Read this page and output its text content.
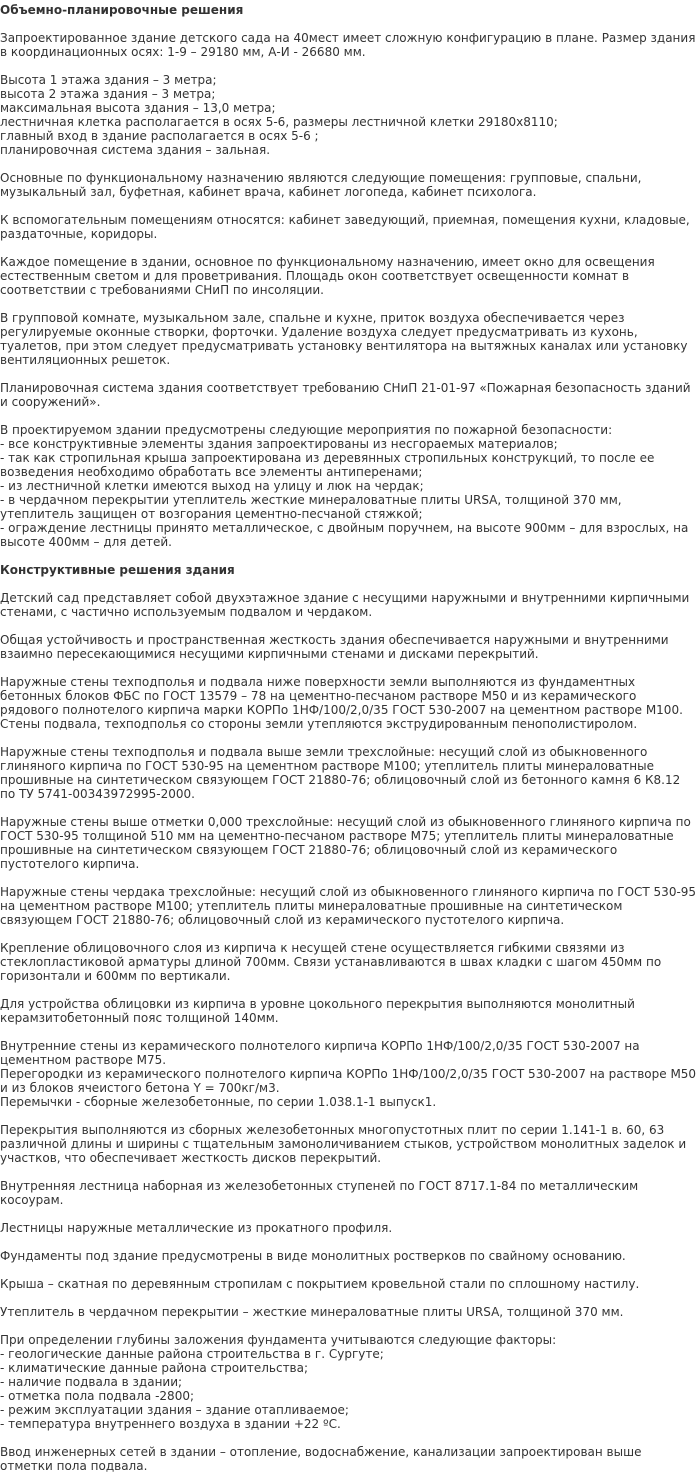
Объемно-планировочные решения
Запроектированное здание детского сада на 40мест имеет сложную конфигурацию в плане. Размер здания в координационных осях: 1-9 – 29180 мм, А-И - 26680 мм.
Высота 1 этажа здания – 3 метра;
высота 2 этажа здания – 3 метра;
максимальная высота здания – 13,0 метра;
лестничная клетка располагается в осях 5-6, размеры лестничной клетки 29180х8110;
главный вход в здание располагается в осях 5-6 ;
планировочная система здания – зальная.
Основные по функциональному назначению являются следующие помещения: групповые, спальни, музыкальный зал, буфетная, кабинет врача, кабинет логопеда, кабинет психолога.
К вспомогательным помещениям относятся: кабинет заведующий, приемная, помещения кухни, кладовые, раздаточные, коридоры.
Каждое помещение в здании, основное по функциональному назначению, имеет окно для освещения естественным светом и для проветривания. Площадь окон соответствует освещенности комнат в соответствии с требованиями СНиП по инсоляции.
В групповой комнате, музыкальном зале, спальне и кухне, приток воздуха обеспечивается через регулируемые оконные створки, форточки. Удаление воздуха следует предусматривать из кухонь, туалетов, при этом следует предусматривать установку вентилятора на вытяжных каналах или установку вентиляционных решеток.
Планировочная система здания соответствует требованию СНиП 21-01-97 «Пожарная безопасность зданий и сооружений».
В проектируемом здании предусмотрены следующие мероприятия по пожарной безопасности:
- все конструктивные элементы здания запроектированы из несгораемых материалов;
- так как стропильная крыша запроектирована из деревянных стропильных конструкций, то после ее возведения необходимо обработать все элементы антиперенами;
- из лестничной клетки имеются выход на улицу и люк на чердак;
- в чердачном перекрытии утеплитель жесткие минераловатные плиты URSA, толщиной 370 мм, утеплитель защищен от возгорания цементно-песчаной стяжкой;
- ограждение лестницы принято металлическое, с двойным поручнем, на высоте 900мм – для взрослых, на высоте 400мм – для детей.
Конструктивные решения здания
Детский сад представляет собой двухэтажное здание с несущими наружными и внутренними кирпичными стенами, с частично используемым подвалом и чердаком.
Общая устойчивость и пространственная жесткость здания обеспечивается наружными и внутренними взаимно пересекающимися несущими кирпичными стенами и дисками перекрытий.
Наружные стены техподполья и подвала ниже поверхности земли выполняются из фундаментных бетонных блоков ФБС по ГОСТ 13579 – 78 на цементно-песчаном растворе М50 и из керамического рядового полнотелого кирпича марки КОРПо 1НФ/100/2,0/35 ГОСТ 530-2007 на цементном растворе М100. Стены подвала, техподполья со стороны земли утепляются экструдированным пенополистиролом.
Наружные стены техподполья и подвала выше земли трехслойные: несущий слой из обыкновенного глиняного кирпича по ГОСТ 530-95 на цементном растворе М100; утеплитель плиты минераловатные прошивные на синтетическом связующем ГОСТ 21880-76; облицовочный слой из бетонного камня 6 К8.12 по ТУ 5741-00343972995-2000.
Наружные стены выше отметки 0,000 трехслойные: несущий слой из обыкновенного глиняного кирпича по ГОСТ 530-95 толщиной 510 мм на цементно-песчаном растворе М75; утеплитель плиты минераловатные прошивные на синтетическом связующем ГОСТ 21880-76; облицовочный слой из керамического пустотелого кирпича.
Наружные стены чердака трехслойные: несущий слой из обыкновенного глиняного кирпича по ГОСТ 530-95 на цементном растворе М100; утеплитель плиты минераловатные прошивные на синтетическом связующем ГОСТ 21880-76; облицовочный слой из керамического пустотелого кирпича.
Крепление облицовочного слоя из кирпича к несущей стене осуществляется гибкими связями из стеклопластиковой арматуры длиной 700мм. Связи устанавливаются в швах кладки с шагом 450мм по горизонтали и 600мм по вертикали.
Для устройства облицовки из кирпича в уровне цокольного перекрытия выполняются монолитный керамзитобетонный пояс толщиной 140мм.
Внутренние стены из керамического полнотелого кирпича КОРПо 1НФ/100/2,0/35 ГОСТ 530-2007 на цементном растворе М75.
Перегородки из керамического полнотелого кирпича КОРПо 1НФ/100/2,0/35 ГОСТ 530-2007 на растворе М50 и из блоков ячеистого бетона Y = 700кг/м3.
Перемычки - сборные железобетонные, по серии 1.038.1-1 выпуск1.
Перекрытия выполняются из сборных железобетонных многопустотных плит по серии 1.141-1 в. 60, 63 различной длины и ширины с тщательным замоноличиванием стыков, устройством монолитных заделок и участков, что обеспечивает жесткость дисков перекрытий.
Внутренняя лестница наборная из железобетонных ступеней по ГОСТ 8717.1-84 по металлическим косоурам.
Лестницы наружные металлические из прокатного профиля.
Фундаменты под здание предусмотрены в виде монолитных ростверков по свайному основанию.
Крыша – скатная по деревянным стропилам с покрытием кровельной стали по сплошному настилу.
Утеплитель в чердачном перекрытии – жесткие минераловатные плиты URSA, толщиной 370 мм.
При определении глубины заложения фундамента учитываются следующие факторы:
- геологические данные района строительства в г. Сургуте;
- климатические данные района строительства;
- наличие подвала в здании;
- отметка пола подвала -2800;
- режим эксплуатации здания – здание отапливаемое;
- температура внутреннего воздуха в здании +22 ºС.
Ввод инженерных сетей в здании – отопление, водоснабжение, канализации запроектирован выше отметки пола подвала.
